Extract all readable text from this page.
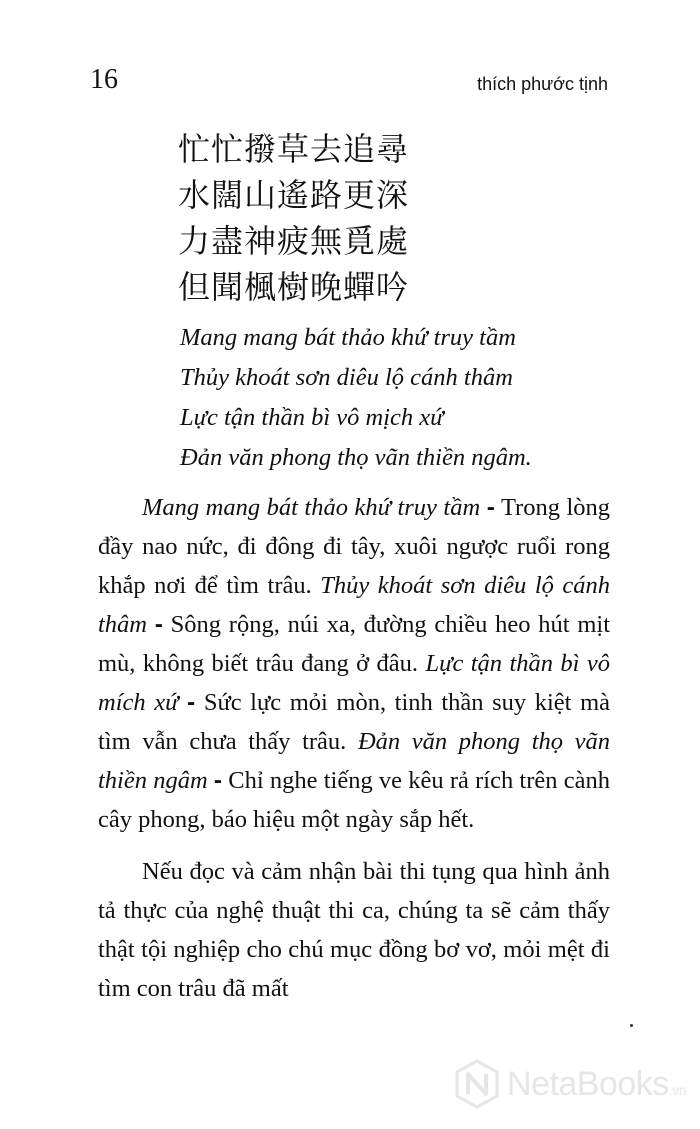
16	thích phước tịnh
忙忙撥草去追尋
水闊山遙路更深
力盡神疲無覓處
但聞楓樹晚蟬吟
Mang mang bát thảo khứ truy tầm
Thủy khoát sơn diêu lộ cánh thâm
Lực tận thần bì vô mịch xứ
Đản văn phong thọ vãn thiền ngâm.

Mang mang bát thảo khứ truy tầm - Trong lòng đầy nao nức, đi đông đi tây, xuôi ngược ruổi rong khắp nơi để tìm trâu. Thủy khoát sơn diêu lộ cánh thâm - Sông rộng, núi xa, đường chiều heo hút mịt mù, không biết trâu đang ở đâu. Lực tận thần bì vô mích xứ - Sức lực mỏi mòn, tinh thần suy kiệt mà tìm vẫn chưa thấy trâu. Đản văn phong thọ vãn thiền ngâm - Chỉ nghe tiếng ve kêu rả rích trên cành cây phong, báo hiệu một ngày sắp hết.

Nếu đọc và cảm nhận bài thi tụng qua hình ảnh tả thực của nghệ thuật thi ca, chúng ta sẽ cảm thấy thật tội nghiệp cho chú mục đồng bơ vơ, mỏi mệt đi tìm con trâu đã mất

NetaBooks.vn
